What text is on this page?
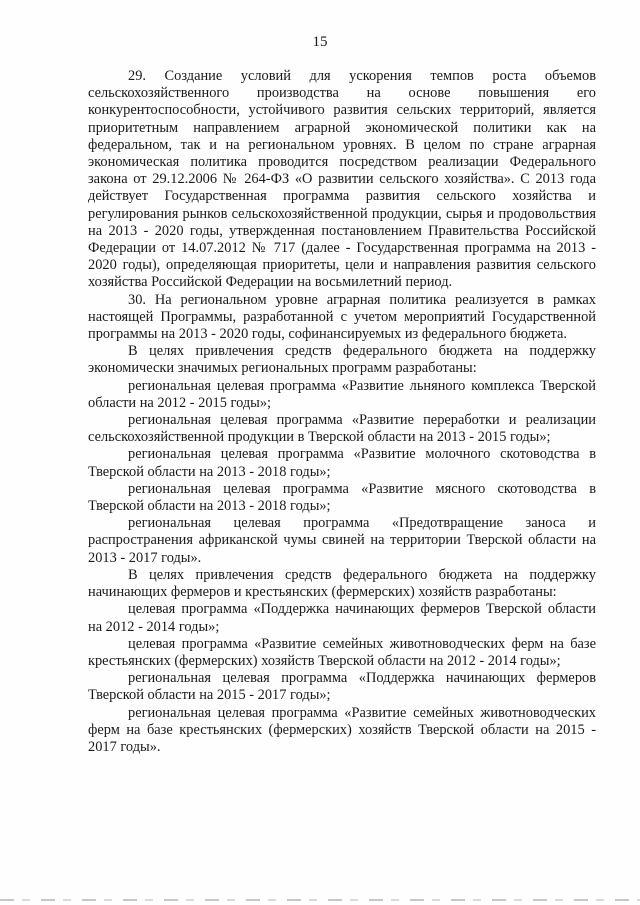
15

29. Создание условий для ускорения темпов роста объемов сельскохозяйственного производства на основе повышения его конкурентоспособности, устойчивого развития сельских территорий, является приоритетным направлением аграрной экономической политики как на федеральном, так и на региональном уровнях. В целом по стране аграрная экономическая политика проводится посредством реализации Федерального закона от 29.12.2006 № 264-ФЗ «О развитии сельского хозяйства». С 2013 года действует Государственная программа развития сельского хозяйства и регулирования рынков сельскохозяйственной продукции, сырья и продовольствия на 2013 - 2020 годы, утвержденная постановлением Правительства Российской Федерации от 14.07.2012 № 717 (далее - Государственная программа на 2013 - 2020 годы), определяющая приоритеты, цели и направления развития сельского хозяйства Российской Федерации на восьмилетний период.

30. На региональном уровне аграрная политика реализуется в рамках настоящей Программы, разработанной с учетом мероприятий Государственной программы на 2013 - 2020 годы, софинансируемых из федерального бюджета.

В целях привлечения средств федерального бюджета на поддержку экономически значимых региональных программ разработаны:

региональная целевая программа «Развитие льняного комплекса Тверской области на 2012 - 2015 годы»;

региональная целевая программа «Развитие переработки и реализации сельскохозяйственной продукции в Тверской области на 2013 - 2015 годы»;

региональная целевая программа «Развитие молочного скотоводства в Тверской области на 2013 - 2018 годы»;

региональная целевая программа «Развитие мясного скотоводства в Тверской области на 2013 - 2018 годы»;

региональная целевая программа «Предотвращение заноса и распространения африканской чумы свиней на территории Тверской области на 2013 - 2017 годы».

В целях привлечения средств федерального бюджета на поддержку начинающих фермеров и крестьянских (фермерских) хозяйств разработаны:

целевая программа «Поддержка начинающих фермеров Тверской области на 2012 - 2014 годы»;

целевая программа «Развитие семейных животноводческих ферм на базе крестьянских (фермерских) хозяйств Тверской области на 2012 - 2014 годы»;

региональная целевая программа «Поддержка начинающих фермеров Тверской области на 2015 - 2017 годы»;

региональная целевая программа «Развитие семейных животноводческих ферм на базе крестьянских (фермерских) хозяйств Тверской области на 2015 - 2017 годы».
